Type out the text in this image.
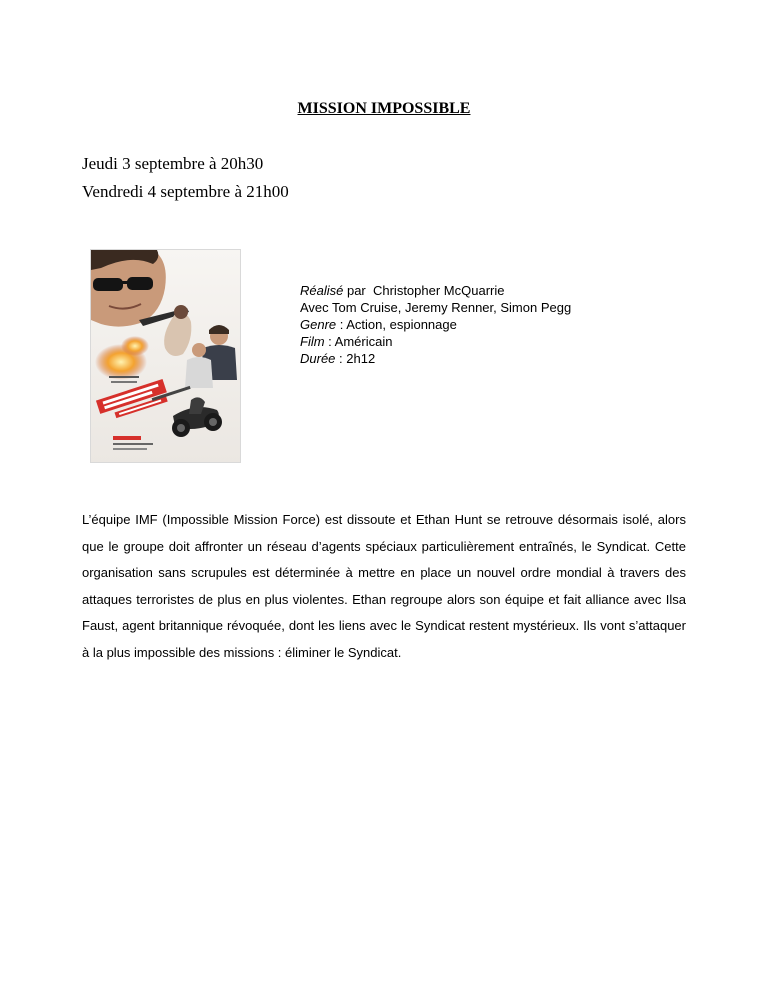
MISSION IMPOSSIBLE
Jeudi 3 septembre à 20h30
Vendredi 4 septembre à 21h00
Réalisé par  Christopher McQuarrie
Avec Tom Cruise, Jeremy Renner, Simon Pegg
Genre : Action, espionnage
Film : Américain
Durée : 2h12

L’équipe IMF (Impossible Mission Force) est dissoute et Ethan Hunt se retrouve désormais isolé, alors que le groupe doit affronter un réseau d’agents spéciaux particulièrement entraînés, le Syndicat. Cette organisation sans scrupules est déterminée à mettre en place un nouvel ordre mondial à travers des attaques terroristes de plus en plus violentes. Ethan regroupe alors son équipe et fait alliance avec Ilsa Faust, agent britannique révoquée, dont les liens avec le Syndicat restent mystérieux. Ils vont s’attaquer à la plus impossible des missions : éliminer le Syndicat.
